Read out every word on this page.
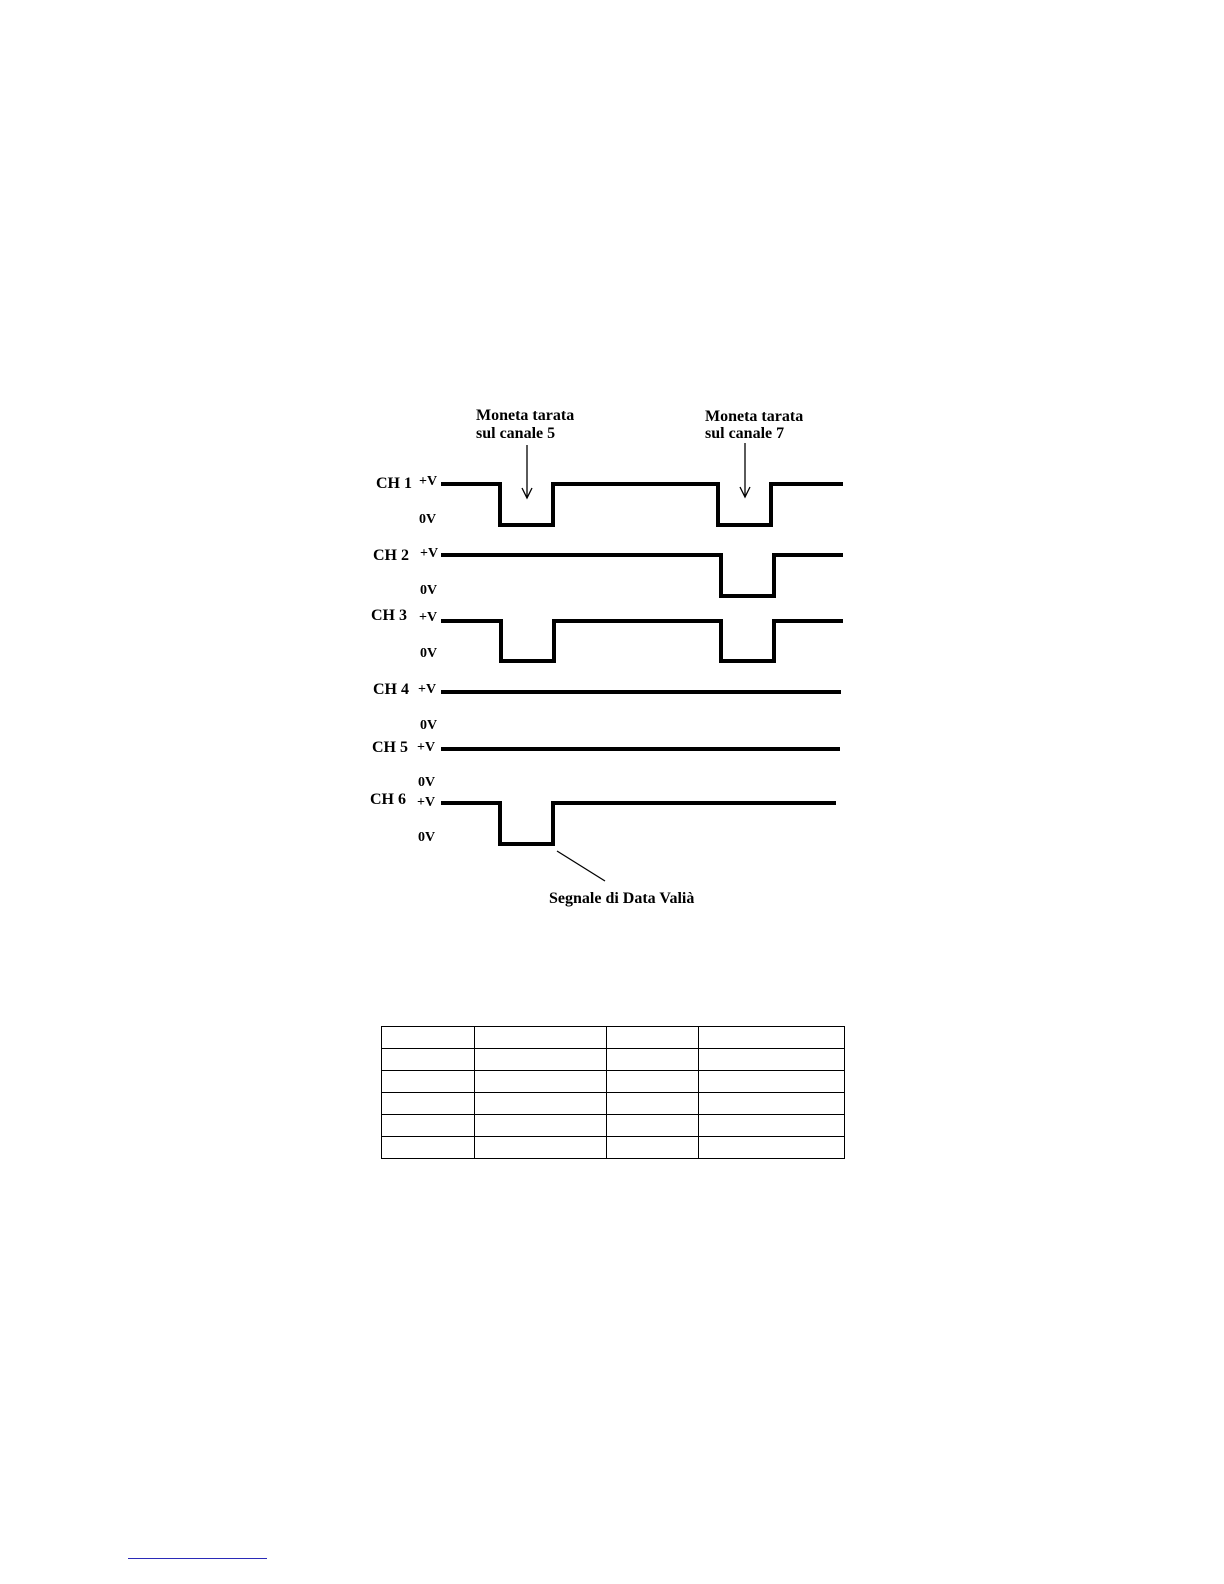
Moneta tarata
sul canale 5
Moneta tarata
sul canale 7
CH 1 +V
0V
CH 2 +V
0V
CH 3 +V
0V
CH 4 +V
0V
CH 5 +V
0V
CH 6 +V
0V
Segnale di Data Valià
